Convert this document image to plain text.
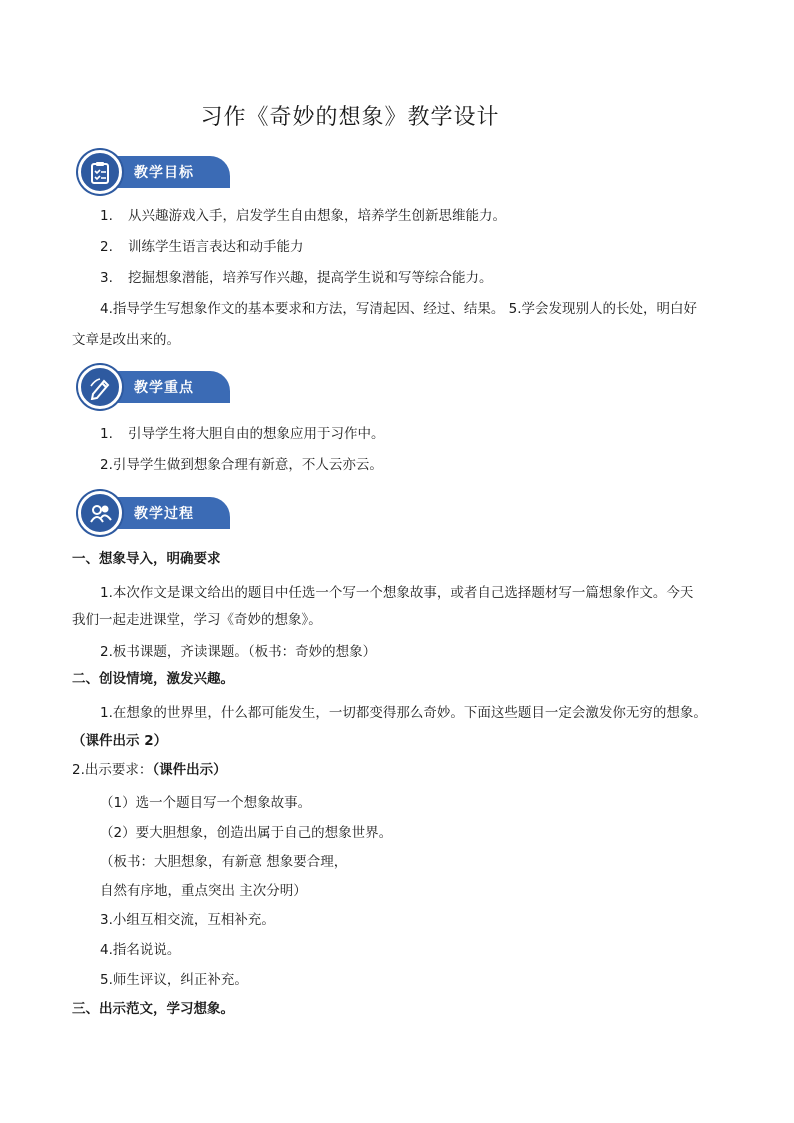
习作《奇妙的想象》教学设计
教学目标
1. 从兴趣游戏入手，启发学生自由想象，培养学生创新思维能力。
2. 训练学生语言表达和动手能力
3. 挖掘想象潜能，培养写作兴趣，提高学生说和写等综合能力。
4.指导学生写想象作文的基本要求和方法，写清起因、经过、结果。 5.学会发现别人的长处，明白好
文章是改出来的。
教学重点
1. 引导学生将大胆自由的想象应用于习作中。
2.引导学生做到想象合理有新意，不人云亦云。
教学过程
一、想象导入，明确要求
1.本次作文是课文给出的题目中任选一个写一个想象故事，或者自己选择题材写一篇想象作文。今天
我们一起走进课堂，学习《奇妙的想象》。
2.板书课题，齐读课题。（板书：奇妙的想象）
二、创设情境，激发兴趣。
1.在想象的世界里，什么都可能发生，一切都变得那么奇妙。下面这些题目一定会激发你无穷的想象。
（课件出示 2）
2.出示要求：（课件出示）
（1）选一个题目写一个想象故事。
（2）要大胆想象，创造出属于自己的想象世界。
（板书：大胆想象，有新意 想象要合理，
自然有序地，重点突出 主次分明）
3.小组互相交流，互相补充。
4.指名说说。
5.师生评议，纠正补充。
三、出示范文，学习想象。
